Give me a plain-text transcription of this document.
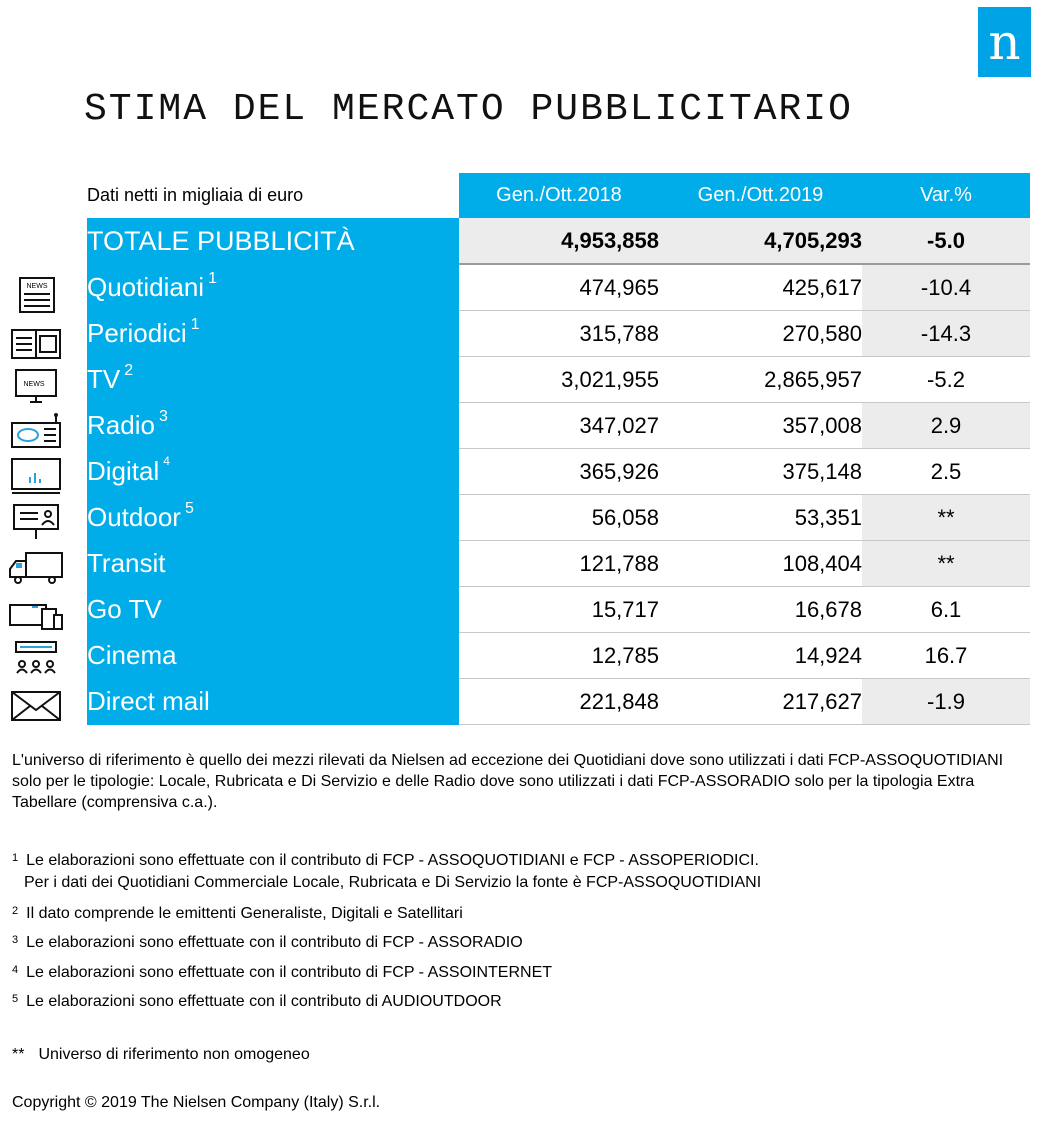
n
STIMA DEL MERCATO PUBBLICITARIO
Dati netti in migliaia di euro	Gen./Ott.2018	Gen./Ott.2019	Var.%
TOTALE PUBBLICITÀ	4,953,858	4,705,293	-5.0
Quotidiani $^1$	474,965	425,617	-10.4
Periodici $^1$	315,788	270,580	-14.3
TV $^2$	3,021,955	2,865,957	-5.2
Radio $^3$	347,027	357,008	2.9
Digital $^4$	365,926	375,148	2.5
Outdoor $^5$	56,058	53,351	**
Transit	121,788	108,404	**
Go TV	15,717	16,678	6.1
Cinema	12,785	14,924	16.7
Direct mail	221,848	217,627	-1.9
NEWS
NEWS

L'universo di riferimento è quello dei mezzi rilevati da Nielsen ad eccezione dei Quotidiani dove sono utilizzati i dati FCP-ASSOQUOTIDIANI solo per le tipologie: Locale, Rubricata e Di Servizio e delle Radio dove sono utilizzati i dati FCP-ASSORADIO solo per la tipologia Extra Tabellare (comprensiva c.a.).

$^1$ Le elaborazioni sono effettuate con il contributo di FCP - ASSOQUOTIDIANI e FCP - ASSOPERIODICI.
Per i dati dei Quotidiani Commerciale Locale, Rubricata e Di Servizio la fonte è FCP-ASSOQUOTIDIANI
$^2$ Il dato comprende le emittenti Generaliste, Digitali e Satellitari
$^3$ Le elaborazioni sono effettuate con il contributo di FCP - ASSORADIO
$^4$ Le elaborazioni sono effettuate con il contributo di FCP - ASSOINTERNET
$^5$ Le elaborazioni sono effettuate con il contributo di AUDIOUTDOOR
** Universo di riferimento non omogeneo
Copyright © 2019 The Nielsen Company (Italy) S.r.l.
